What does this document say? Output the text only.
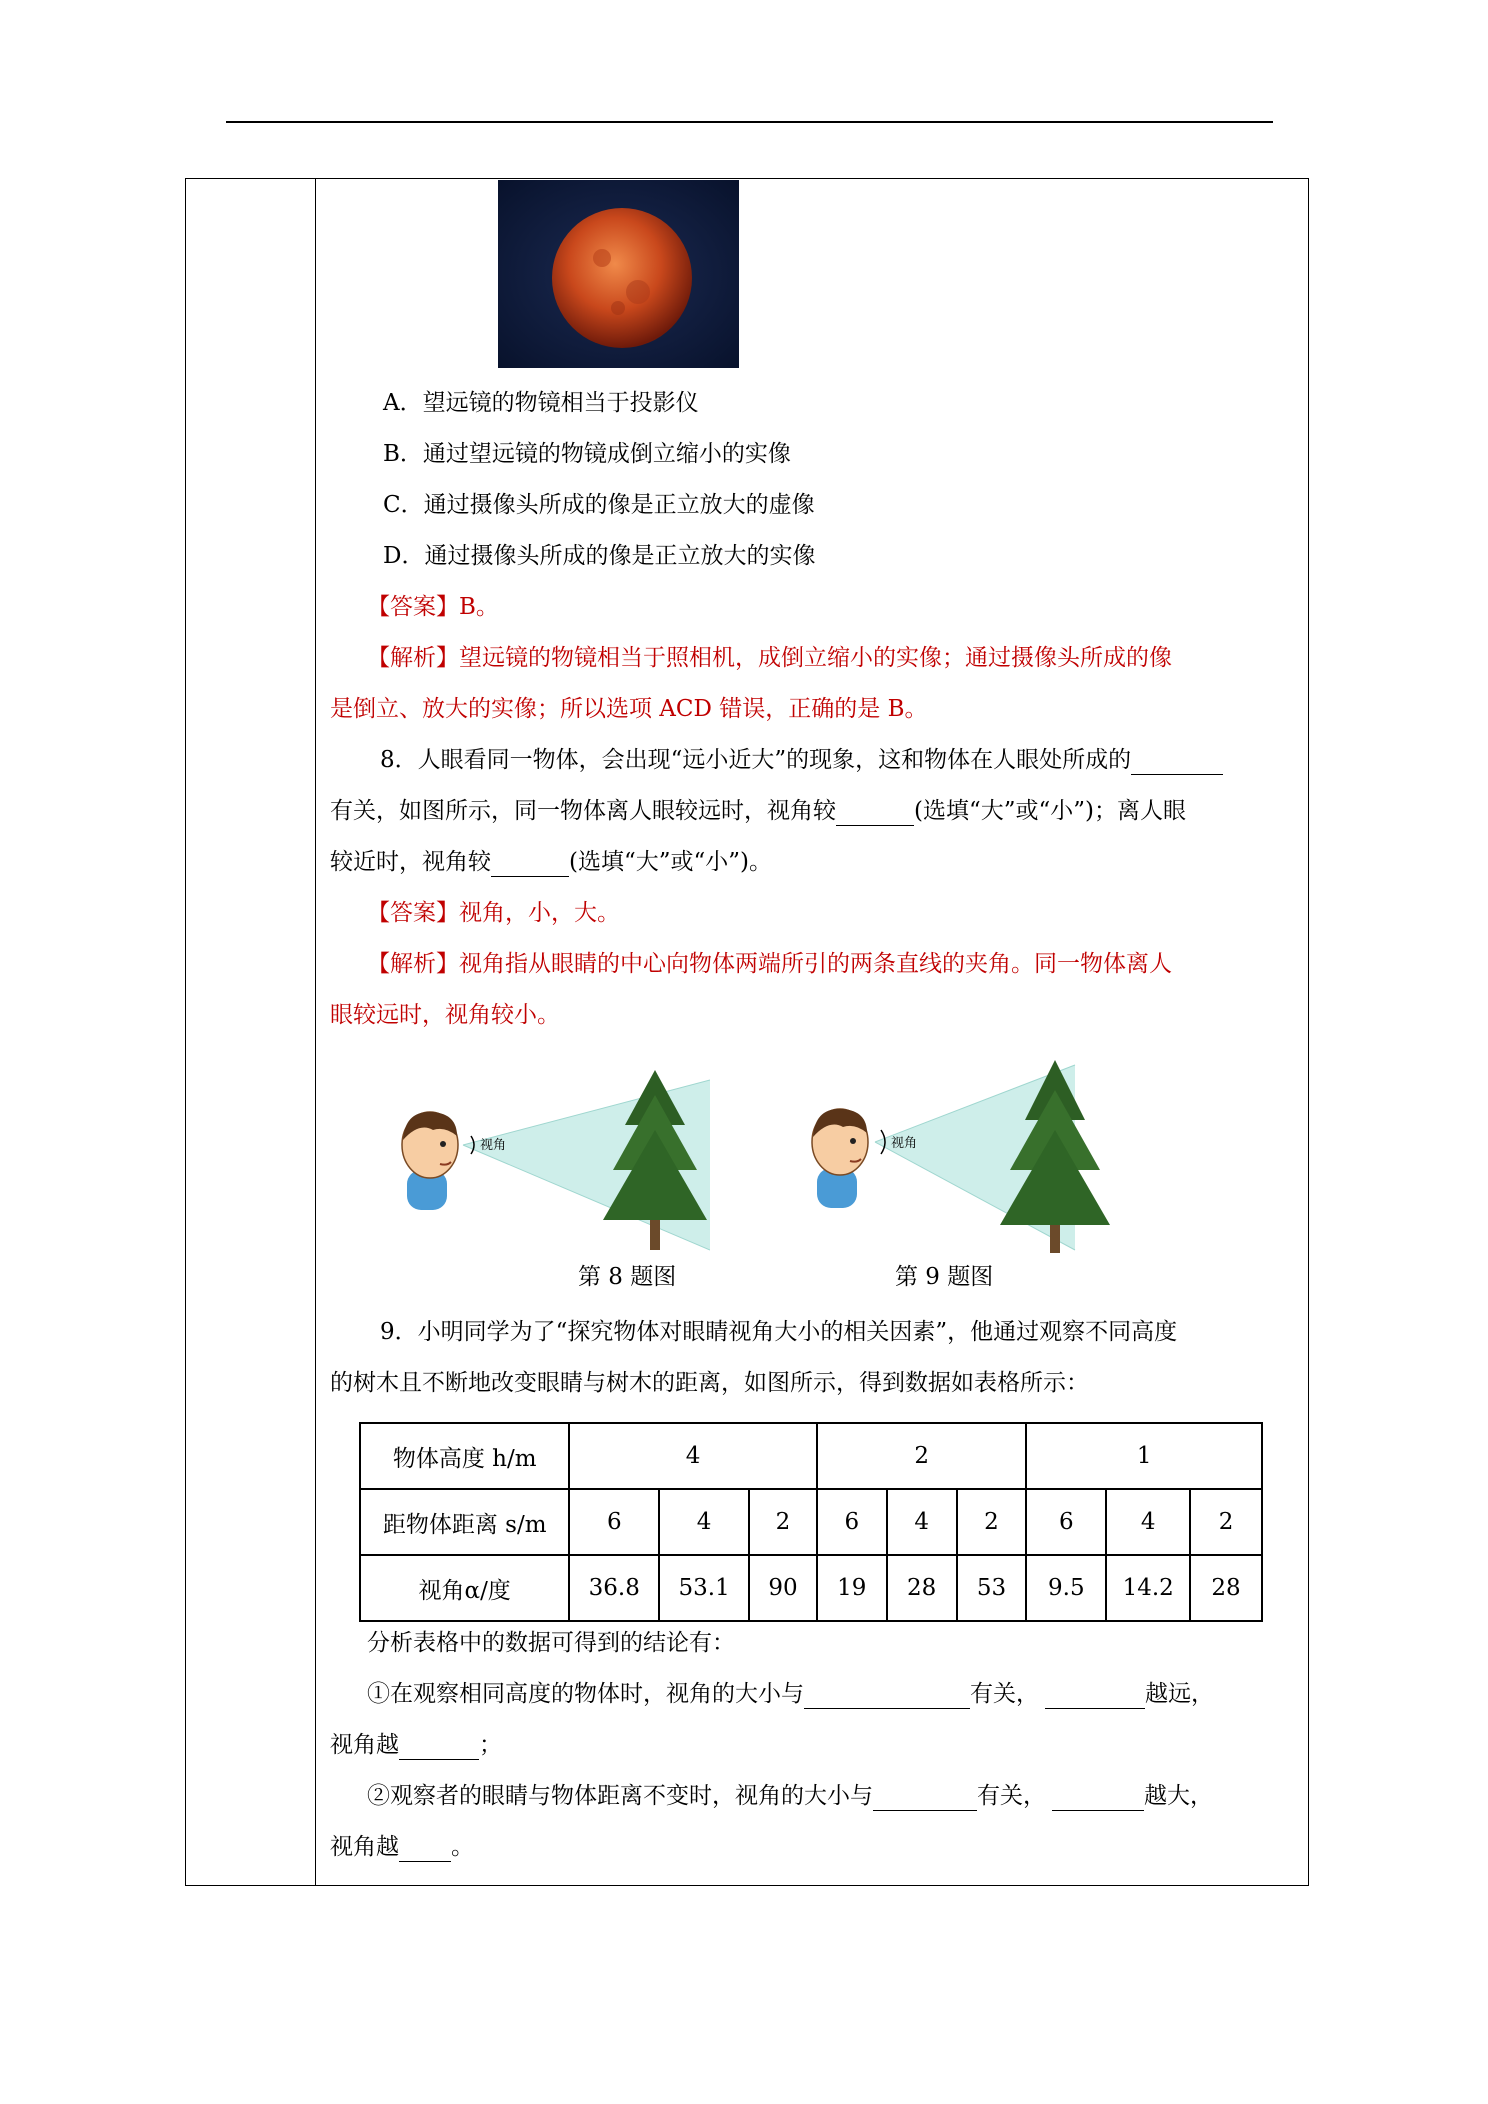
A．望远镜的物镜相当于投影仪
B．通过望远镜的物镜成倒立缩小的实像
C．通过摄像头所成的像是正立放大的虚像
D．通过摄像头所成的像是正立放大的实像
【答案】B。
【解析】望远镜的物镜相当于照相机，成倒立缩小的实像；通过摄像头所成的像
是倒立、放大的实像；所以选项 ACD 错误，正确的是 B。
8．人眼看同一物体，会出现“远小近大”的现象，这和物体在人眼处所成的
有关，如图所示，同一物体离人眼较远时，视角较	(选填“大”或“小”)；离人眼
较近时，视角较	(选填“大”或“小”)。
【答案】视角，小，大。
【解析】视角指从眼睛的中心向物体两端所引的两条直线的夹角。同一物体离人
眼较远时，视角较小。
视角	视角
第 8 题图	第 9 题图
9．小明同学为了“探究物体对眼睛视角大小的相关因素”，他通过观察不同高度
的树木且不断地改变眼睛与树木的距离，如图所示，得到数据如表格所示：
物体高度 h/m	4			2			1		
距物体距离 s/m	6	4	2	6	4	2	6	4	2
视角α/度	36.8	53.1	90	19	28	53	9.5	14.2	28
分析表格中的数据可得到的结论有：
①在观察相同高度的物体时，视角的大小与	有关，	越远，
视角越	；
②观察者的眼睛与物体距离不变时，视角的大小与	有关，	越大，
视角越 。
